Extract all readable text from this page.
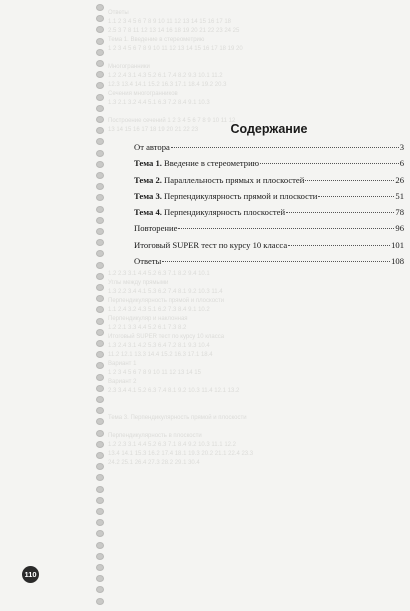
Ответы
1.1 2 3 4 5 6 7 8 9 10 11 12 13 14 15 16 17 18
2.5 3 7 8 11 12 13 14 16 18 19 20 21 22 23 24 25
Тема 1. Введение в стереометрию
1 2 3 4 5 6 7 8 9 10 11 12 13 14 15 16 17 18 19 20

Многогранники
1.2 2.4 3.1 4.3 5.2 6.1 7.4 8.2 9.3 10.1 11.2
12.3 13.4 14.1 15.2 16.3 17.1 18.4 19.2 20.3
Сечения многогранников
1.3 2.1 3.2 4.4 5.1 6.3 7.2 8.4 9.1 10.3

Построение сечений 1 2 3 4 5 6 7 8 9 10 11 12
13 14 15 16 17 18 19 20 21 22 23

1.2 2.3 3.1 4.4 5.2 6.3 7.1 8.2 9.4 10.1
Углы между прямыми
1.3 2.2 3.4 4.1 5.3 6.2 7.4 8.1 9.2 10.3 11.4
Перпендикулярность прямой и плоскости
1.1 2.4 3.2 4.3 5.1 6.2 7.3 8.4 9.1 10.2
Перпендикуляр и наклонная
1.2 2.1 3.3 4.4 5.2 6.1 7.3 8.2
Итоговый SUPER тест по курсу 10 класса
1.3 2.4 3.1 4.2 5.3 6.4 7.2 8.1 9.3 10.4
11.2 12.1 13.3 14.4 15.2 16.3 17.1 18.4
Вариант 1
1 2 3 4 5 6 7 8 9 10 11 12 13 14 15
Вариант 2
2.3 3.4 4.1 5.2 6.3 7.4 8.1 9.2 10.3 11.4 12.1 13.2

Тема 3. Перпендикулярность прямой и плоскости

Перпендикулярность в плоскости
1.2 2.3 3.1 4.4 5.2 6.3 7.1 8.4 9.2 10.3 11.1 12.2
13.4 14.1 15.3 16.2 17.4 18.1 19.3 20.2 21.1 22.4 23.3
24.2 25.1 26.4 27.3 28.2 29.1 30.4

Содержание
От автора	3
Тема 1. Введение в стереометрию	6
Тема 2. Параллельность прямых и плоскостей	26
Тема 3. Перпендикулярность прямой и плоскости	51
Тема 4. Перпендикулярность плоскостей	78
Повторение	96
Итоговый SUPER тест по курсу 10 класса	101
Ответы	108
110
